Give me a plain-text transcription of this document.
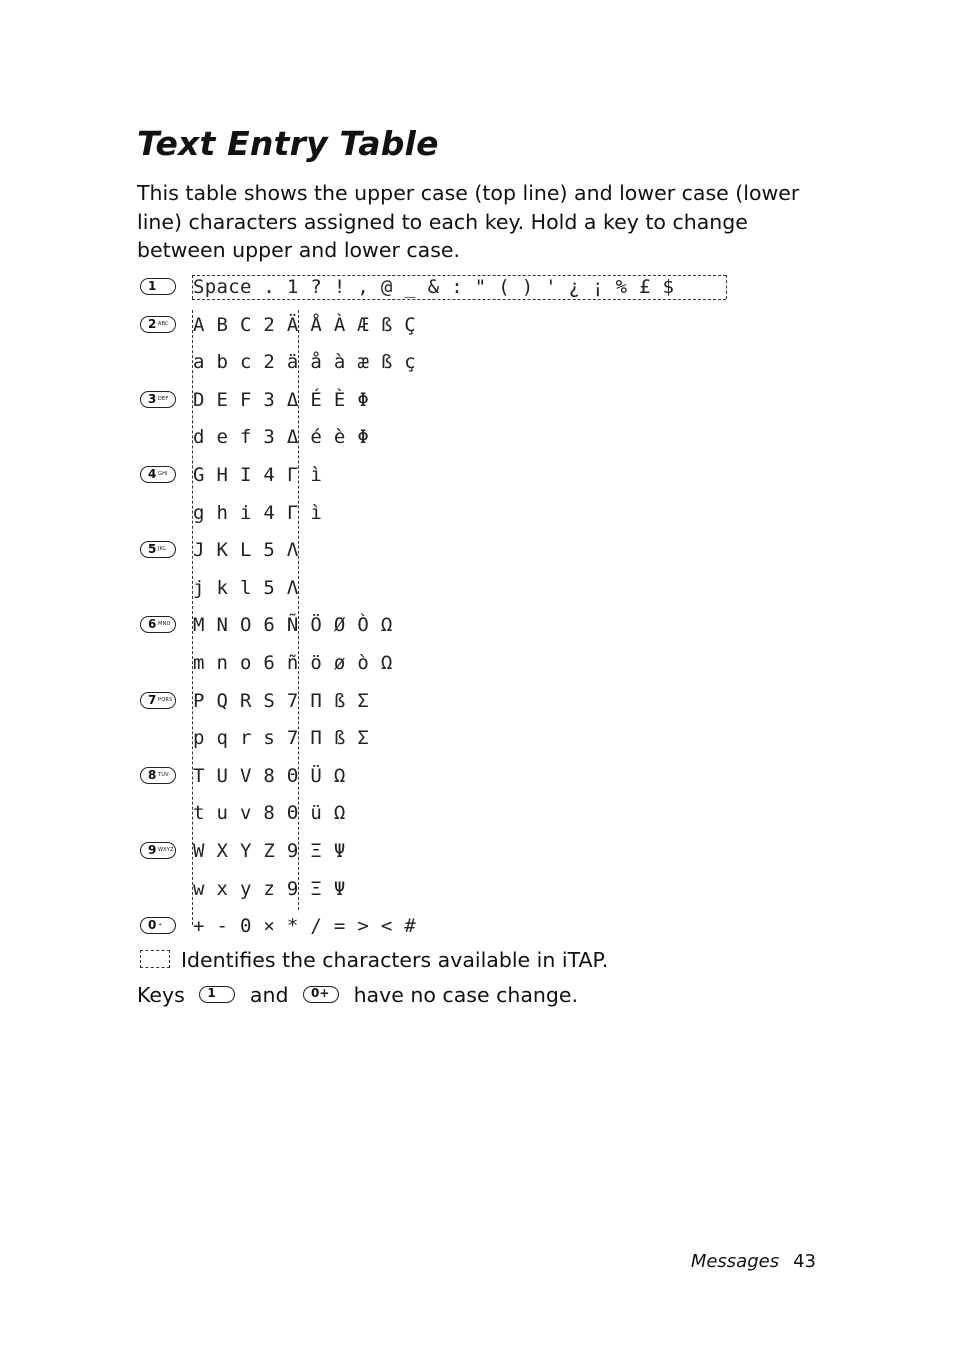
Text Entry Table
This table shows the upper case (top line) and lower case (lower line) characters assigned to each key. Hold a key to change between upper and lower case.
1 Space . 1 ? ! , @ _ & : " ( ) ' ¿ ¡ % £ $
2 ABC A B C 2 Ä Å À Æ ß Ç
a b c 2 ä å à æ ß ç
3 DEF D E F 3 Δ É È Φ
d e f 3 Δ é è Φ
4 GHI G H I 4 Γ ì
g h i 4 Γ ì
5 JKL J K L 5 Λ
j k l 5 Λ
6 MNO M N O 6 Ñ Ö Ø Ò Ω
m n o 6 ñ ö ø ò Ω
7 PQRS P Q R S 7 Π ß Σ
p q r s 7 Π ß Σ
8 TUV T U V 8 Θ Ü Ω
t u v 8 Θ ü Ω
9 WXYZ W X Y Z 9 Ξ Ψ
w x y z 9 Ξ Ψ
0 + + - 0 × * / = > < #
Identifies the characters available in iTAP.
Keys 1 and 0+ have no case change.
Messages 43
